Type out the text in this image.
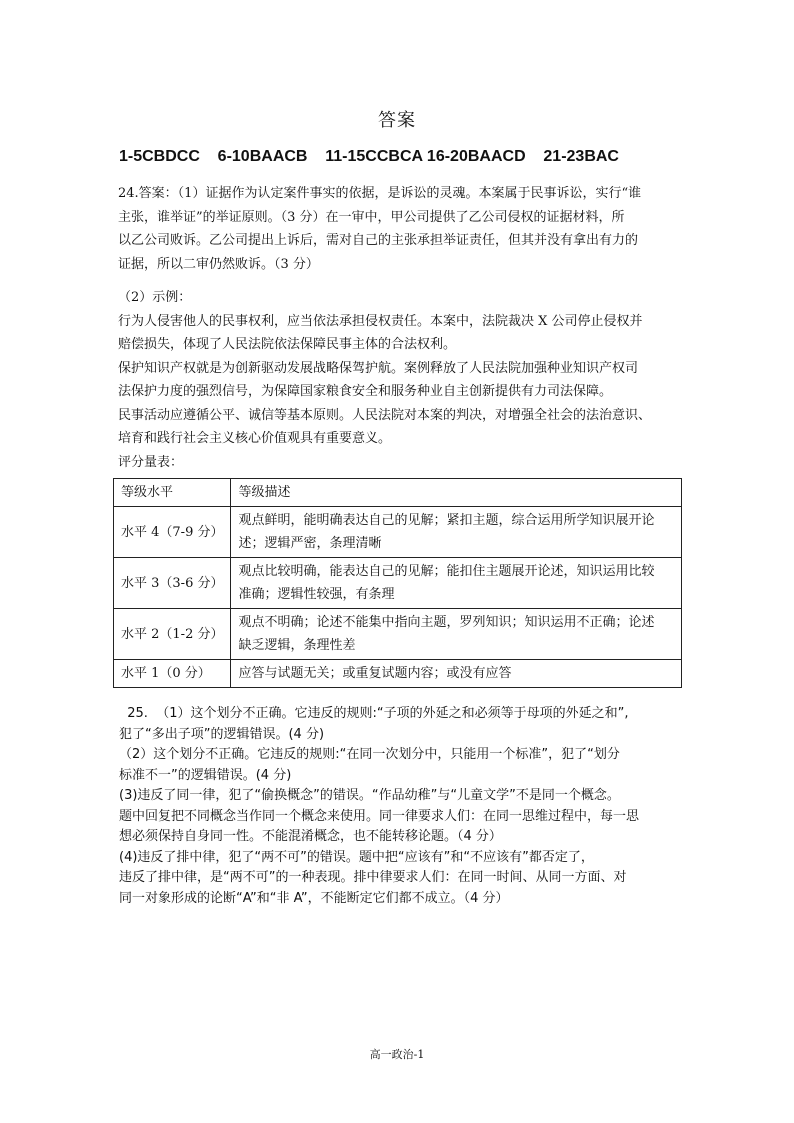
答案
1-5CBDCC    6-10BAACB    11-15CCBCA 16-20BAACD    21-23BAC
24.答案：（1）证据作为认定案件事实的依据，是诉讼的灵魂。本案属于民事诉讼，实行“谁
主张，谁举证”的举证原则。（3 分）在一审中，甲公司提供了乙公司侵权的证据材料，所
以乙公司败诉。乙公司提出上诉后，需对自己的主张承担举证责任，但其并没有拿出有力的
证据，所以二审仍然败诉。（3 分）
（2）示例：
行为人侵害他人的民事权利，应当依法承担侵权责任。本案中，法院裁决 X 公司停止侵权并
赔偿损失，体现了人民法院依法保障民事主体的合法权利。
保护知识产权就是为创新驱动发展战略保驾护航。案例释放了人民法院加强种业知识产权司
法保护力度的强烈信号，为保障国家粮食安全和服务种业自主创新提供有力司法保障。
民事活动应遵循公平、诚信等基本原则。人民法院对本案的判决，对增强全社会的法治意识、
培育和践行社会主义核心价值观具有重要意义。
评分量表：
等级水平	等级描述
水平 4（7-9 分）	观点鲜明，能明确表达自己的见解；紧扣主题，综合运用所学知识展开论
述；逻辑严密，条理清晰

水平 3（3-6 分）	观点比较明确，能表达自己的见解；能扣住主题展开论述，知识运用比较
准确；逻辑性较强，有条理

水平 2（1-2 分）	观点不明确；论述不能集中指向主题，罗列知识；知识运用不正确；论述
缺乏逻辑，条理性差

水平 1（0 分）	应答与试题无关；或重复试题内容；或没有应答
25.  （1）这个划分不正确。它违反的规则:“子项的外延之和必须等于母项的外延之和”,
犯了“多出子项”的逻辑错误。(4 分)
（2）这个划分不正确。它违反的规则:“在同一次划分中，只能用一个标准”，犯了“划分
标准不一”的逻辑错误。(4 分)
(3)违反了同一律，犯了“偷换概念”的错误。“作品幼稚”与“儿童文学”不是同一个概念。
题中回复把不同概念当作同一个概念来使用。同一律要求人们：在同一思维过程中，每一思
想必须保持自身同一性。不能混淆概念，也不能转移论题。（4 分）
(4)违反了排中律，犯了“两不可”的错误。题中把“应该有”和“不应该有”都否定了，
违反了排中律，是“两不可”的一种表现。排中律要求人们：在同一时间、从同一方面、对
同一对象形成的论断“A”和“非 A”，不能断定它们都不成立。（4 分）
高一政治-1
